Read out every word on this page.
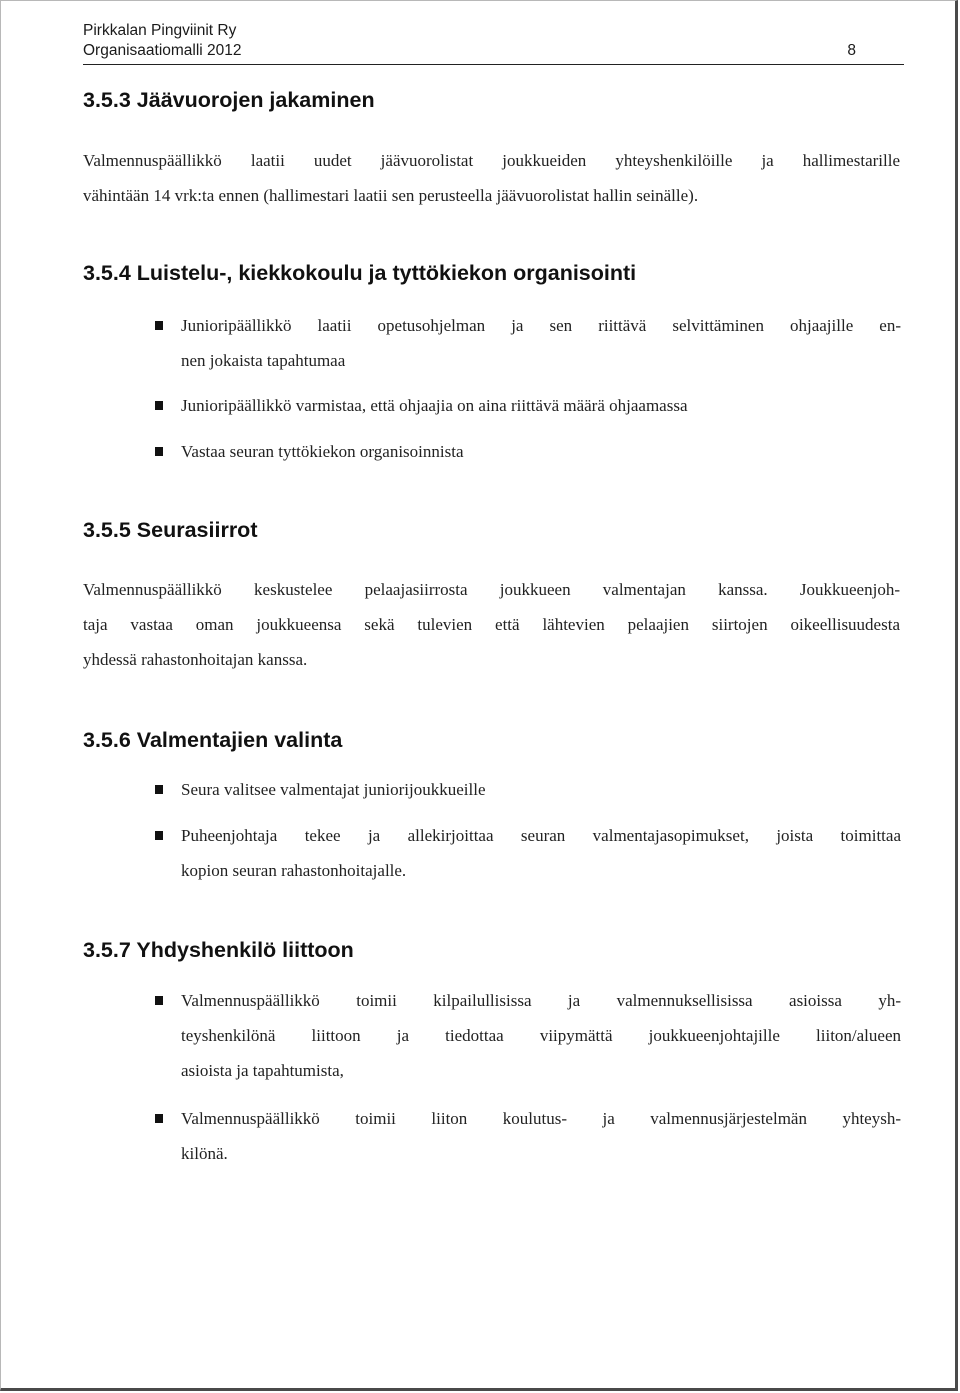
Pirkkalan Pingviinit Ry
Organisaatiomalli 2012	8
3.5.3 Jäävuorojen jakaminen

Valmennuspäällikkö laatii uudet jäävuorolistat joukkueiden yhteyshenkilöille ja hallimestarille
vähintään 14 vrk:ta ennen (hallimestari laatii sen perusteella jäävuorolistat hallin seinälle).

3.5.4 Luistelu-, kiekkokoulu ja tyttökiekon organisointi
Junioripäällikkö laatii opetusohjelman ja sen riittävä selvittäminen ohjaajille en-
nen jokaista tapahtumaa
Junioripäällikkö varmistaa, että ohjaajia on aina riittävä määrä ohjaamassa
Vastaa seuran tyttökiekon organisoinnista
3.5.5 Seurasiirrot

Valmennuspäällikkö keskustelee pelaajasiirrosta joukkueen valmentajan kanssa. Joukkueenjoh-
taja vastaa oman joukkueensa sekä tulevien että lähtevien pelaajien siirtojen oikeellisuudesta
yhdessä rahastonhoitajan kanssa.

3.5.6 Valmentajien valinta
Seura valitsee valmentajat juniorijoukkueille
Puheenjohtaja tekee ja allekirjoittaa seuran valmentajasopimukset, joista toimittaa
kopion seuran rahastonhoitajalle.
3.5.7 Yhdyshenkilö liittoon
Valmennuspäällikkö toimii kilpailullisissa ja valmennuksellisissa asioissa yh-
teyshenkilönä liittoon ja tiedottaa viipymättä joukkueenjohtajille liiton/alueen
asioista ja tapahtumista,
Valmennuspäällikkö toimii liiton koulutus- ja valmennusjärjestelmän yhteysh-
kilönä.
